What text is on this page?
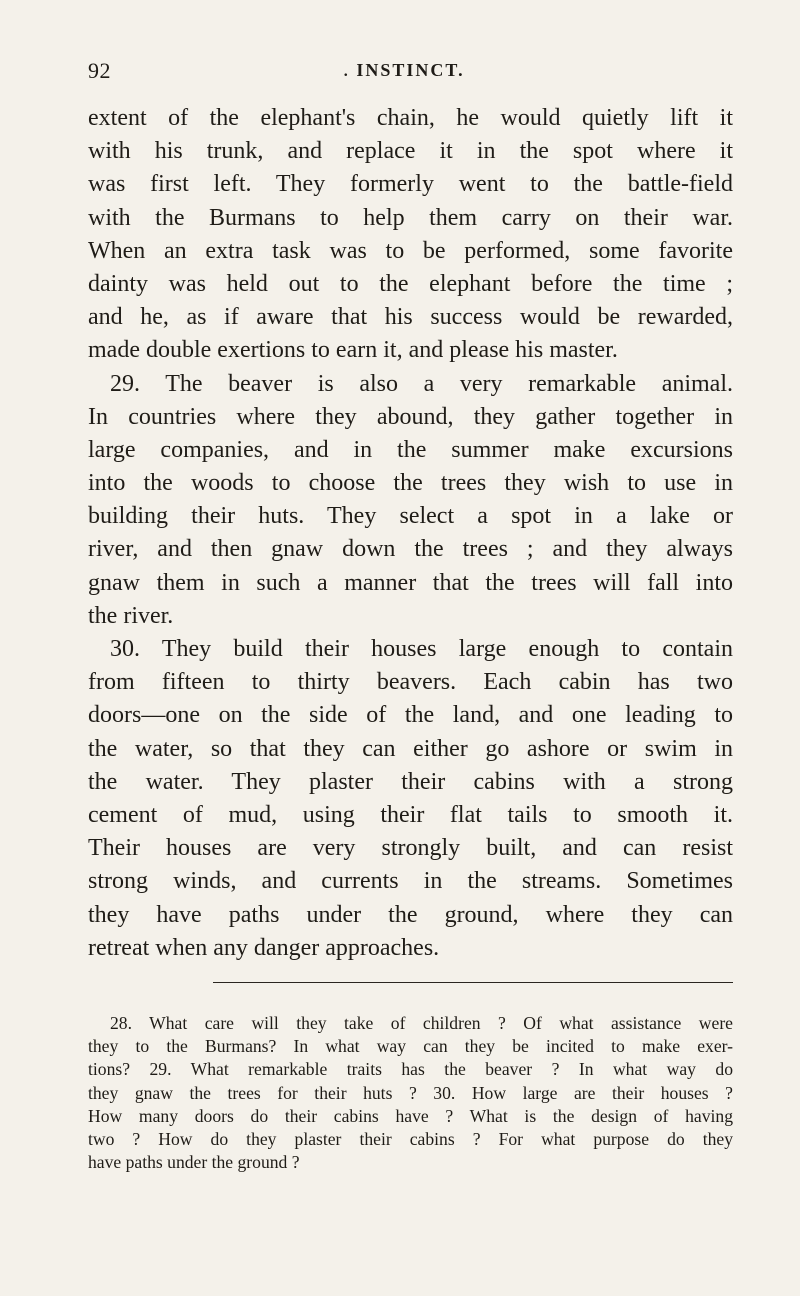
92	. INSTINCT.
extent of the elephant's chain, he would quietly lift it
with his trunk, and replace it in the spot where it
was first left. They formerly went to the battle-field
with the Burmans to help them carry on their war.
When an extra task was to be performed, some favorite
dainty was held out to the elephant before the time ;
and he, as if aware that his success would be rewarded,
made double exertions to earn it, and please his master.
29. The beaver is also a very remarkable animal.
In countries where they abound, they gather together in
large companies, and in the summer make excursions
into the woods to choose the trees they wish to use in
building their huts. They select a spot in a lake or
river, and then gnaw down the trees ; and they always
gnaw them in such a manner that the trees will fall into
the river.
30. They build their houses large enough to contain
from fifteen to thirty beavers. Each cabin has two
doors—one on the side of the land, and one leading to
the water, so that they can either go ashore or swim in
the water. They plaster their cabins with a strong
cement of mud, using their flat tails to smooth it.
Their houses are very strongly built, and can resist
strong winds, and currents in the streams. Sometimes
they have paths under the ground, where they can
retreat when any danger approaches.
28. What care will they take of children ? Of what assistance were
they to the Burmans? In what way can they be incited to make exer-
tions? 29. What remarkable traits has the beaver ? In what way do
they gnaw the trees for their huts ? 30. How large are their houses ?
How many doors do their cabins have ? What is the design of having
two ? How do they plaster their cabins ? For what purpose do they
have paths under the ground ?
